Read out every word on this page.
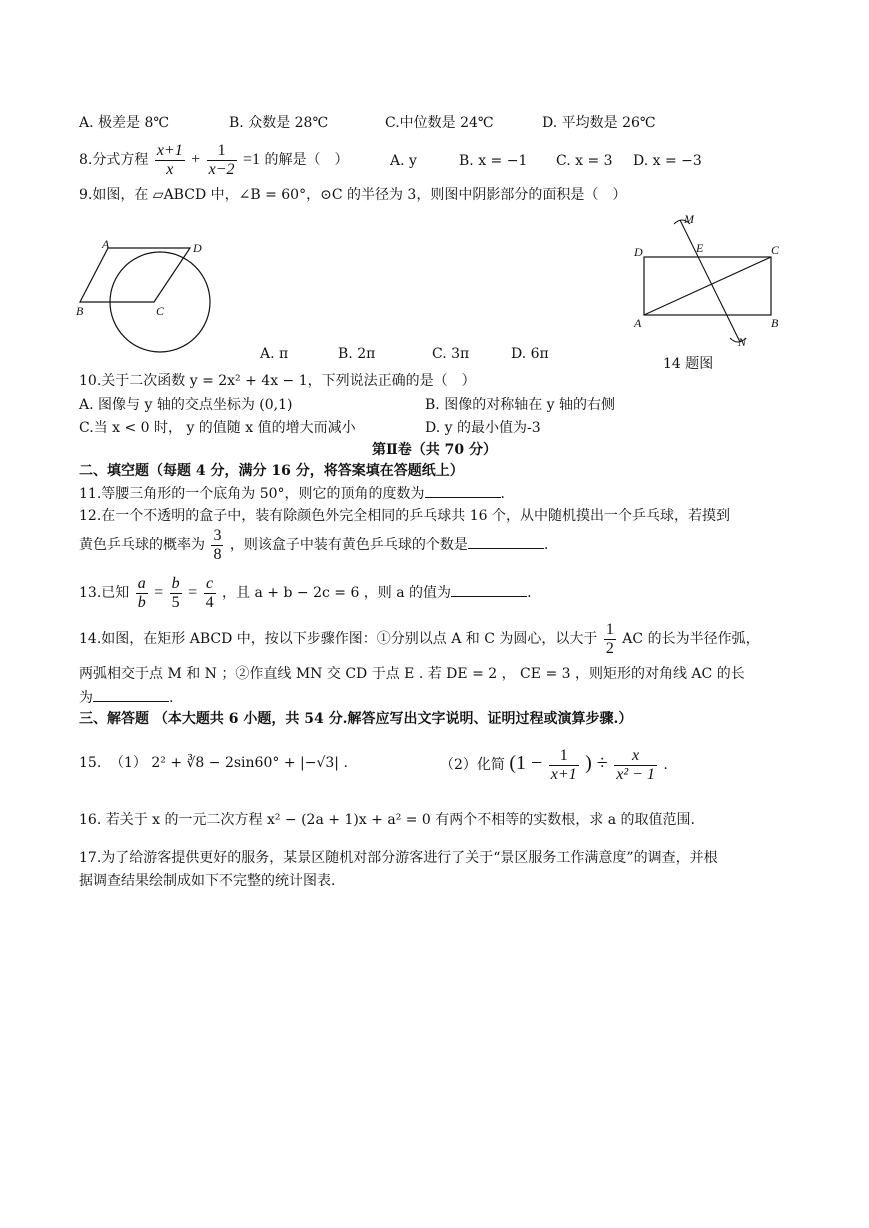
A. 极差是 8℃	B. 众数是 28℃	C.中位数是 24℃	D. 平均数是 26℃
8.分式方程 $\frac{x+1}{x} + \frac{1}{x-2} =1$ 的解是（　）	A. y	B. x = −1 C. x = 3 D. x = −3
9.如图，在 ▱ABCD 中，∠B = 60°，⊙C 的半径为 3，则图中阴影部分的面积是（　）
A	D
B	C
A. π	B. 2π	C. 3π	D. 6π
M
D	E	C
A	B
N
14 题图
10.关于二次函数 y = 2x² + 4x − 1，下列说法正确的是（　）
A. 图像与 y 轴的交点坐标为 (0,1)	B. 图像的对称轴在 y 轴的右侧
C.当 x < 0 时， y 的值随 x 值的增大而减小	D. y 的最小值为-3
第Ⅱ卷（共 70 分）
二、填空题（每题 4 分，满分 16 分，将答案填在答题纸上）
11.等腰三角形的一个底角为 50°，则它的顶角的度数为	.
12.在一个不透明的盒子中，装有除颜色外完全相同的乒乓球共 16 个，从中随机摸出一个乒乓球，若摸到
黄色乒乓球的概率为 $\frac{3}{8}$ ，则该盒子中装有黄色乒乓球的个数是	.
13.已知 $\frac{a}{b} = \frac{b}{5} = \frac{c}{4}$ ，且 a + b − 2c = 6 ，则 a 的值为	.
14.如图，在矩形 ABCD 中，按以下步骤作图：①分别以点 A 和 C 为圆心，以大于 $\frac{1}{2}$ AC 的长为半径作弧，
两弧相交于点 M 和 N ；②作直线 MN 交 CD 于点 E . 若 DE = 2 ， CE = 3 ，则矩形的对角线 AC 的长
为	.
三、解答题 （本大题共 6 小题，共 54 分.解答应写出文字说明、证明过程或演算步骤.）
15. （1） 2² + ∛8 − 2sin60° + |−√3| .	（2）化简 ($1 - \frac{1}{x+1}$ ) ÷ $\frac{x}{\text{x² − 1}}$ .
16. 若关于 x 的一元二次方程 x² − (2a + 1)x + a² = 0 有两个不相等的实数根，求 a 的取值范围.
17.为了给游客提供更好的服务，某景区随机对部分游客进行了关于“景区服务工作满意度”的调查，并根
据调查结果绘制成如下不完整的统计图表.
